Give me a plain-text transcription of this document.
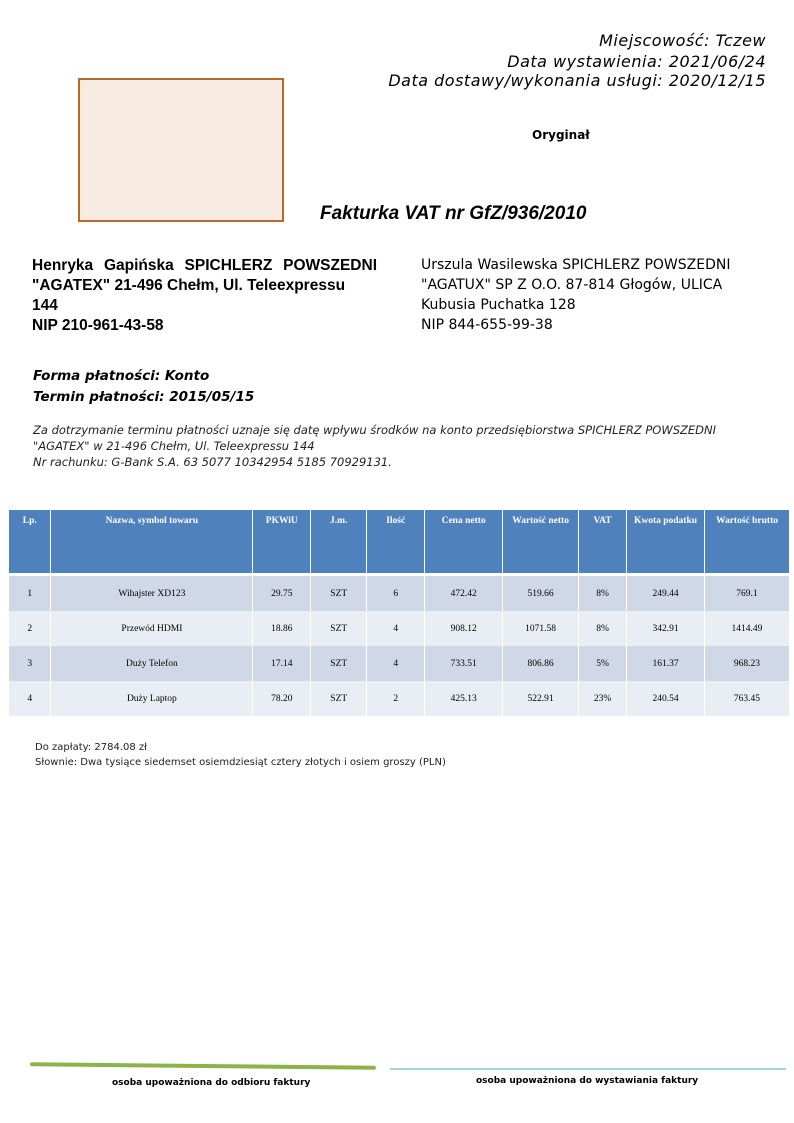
Miejscowość: Tczew
Data wystawienia: 2021/06/24
Data dostawy/wykonania usługi: 2020/12/15
Oryginał
Fakturka VAT nr GfZ/936/2010
Henryka Gapińska SPICHLERZ POWSZEDNI "AGATEX" 21-496 Chełm, Ul. Teleexpressu
144
NIP 210-961-43-58
Urszula Wasilewska SPICHLERZ POWSZEDNI "AGATUX" SP Z O.O. 87-814 Głogów, ULICA
Kubusia Puchatka 128
NIP 844-655-99-38
Forma płatności: Konto
Termin płatności: 2015/05/15
Za dotrzymanie terminu płatności uznaje się datę wpływu środków na konto przedsiębiorstwa SPICHLERZ POWSZEDNI "AGATEX" w 21-496 Chełm, Ul. Teleexpressu 144
Nr rachunku: G-Bank S.A. 63 5077 10342954 5185 70929131.
Lp.	Nazwa, symbol towaru	PKWiU	J.m.	Ilość	Cena netto	Wartość netto	VAT	Kwota podatku	Wartość brutto

1	Wihajster XD123	29.75	SZT	6	472.42	519.66	8%	249.44	769.1
2	Przewód HDMI	18.86	SZT	4	908.12	1071.58	8%	342.91	1414.49
3	Duży Telefon	17.14	SZT	4	733.51	806.86	5%	161.37	968.23
4	Duży Laptop	78.20	SZT	2	425.13	522.91	23%	240.54	763.45
Do zapłaty: 2784.08 zł
Słownie: Dwa tysiące siedemset osiemdziesiąt cztery złotych i osiem groszy (PLN)
osoba upoważniona do odbioru faktury	osoba upoważniona do wystawiania faktury
